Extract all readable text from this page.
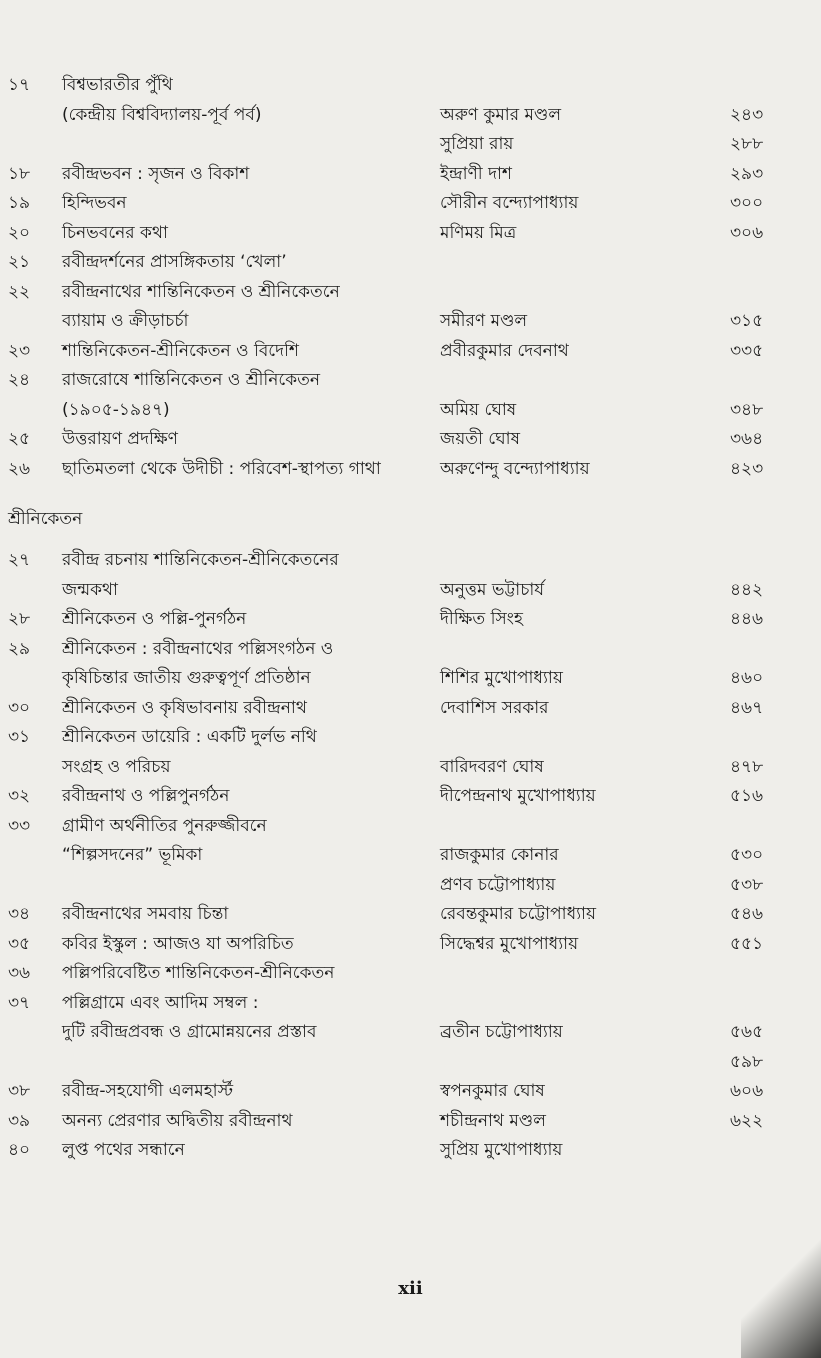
১৭	বিশ্বভারতীর পুঁথি
(কেন্দ্রীয় বিশ্ববিদ্যালয়-পূর্ব পর্ব)	অরুণ কুমার মণ্ডল	২৪৩
সুপ্রিয়া রায়	২৮৮
১৮	রবীন্দ্রভবন : সৃজন ও বিকাশ	ইন্দ্রাণী দাশ	২৯৩
১৯	হিন্দিভবন	সৌরীন বন্দ্যোপাধ্যায়	৩০০
২০	চিনভবনের কথা	মণিময় মিত্র	৩০৬
২১	রবীন্দ্রদর্শনের প্রাসঙ্গিকতায় ‘খেলা’
২২	রবীন্দ্রনাথের শান্তিনিকেতন ও শ্রীনিকেতনে
ব্যায়াম ও ক্রীড়াচর্চা	সমীরণ মণ্ডল	৩১৫
২৩	শান্তিনিকেতন-শ্রীনিকেতন ও বিদেশি	প্রবীরকুমার দেবনাথ	৩৩৫
২৪	রাজরোষে শান্তিনিকেতন ও শ্রীনিকেতন
(১৯০৫-১৯৪৭)	অমিয় ঘোষ	৩৪৮
২৫	উত্তরায়ণ প্রদক্ষিণ	জয়তী ঘোষ	৩৬৪
২৬	ছাতিমতলা থেকে উদীচী : পরিবেশ-স্থাপত্য গাথা	অরুণেন্দু বন্দ্যোপাধ্যায়	৪২৩
শ্রীনিকেতন
২৭	রবীন্দ্র রচনায় শান্তিনিকেতন-শ্রীনিকেতনের
জন্মকথা	অনুত্তম ভট্টাচার্য	৪৪২
২৮	শ্রীনিকেতন ও পল্লি-পুনর্গঠন	দীক্ষিত সিংহ	৪৪৬
২৯	শ্রীনিকেতন : রবীন্দ্রনাথের পল্লিসংগঠন ও
কৃষিচিন্তার জাতীয় গুরুত্বপূর্ণ প্রতিষ্ঠান	শিশির মুখোপাধ্যায়	৪৬০
৩০	শ্রীনিকেতন ও কৃষিভাবনায় রবীন্দ্রনাথ	দেবাশিস সরকার	৪৬৭
৩১	শ্রীনিকেতন ডায়েরি : একটি দুর্লভ নথি
সংগ্রহ ও পরিচয়	বারিদবরণ ঘোষ	৪৭৮
৩২	রবীন্দ্রনাথ ও পল্লিপুনর্গঠন	দীপেন্দ্রনাথ মুখোপাধ্যায়	৫১৬
৩৩	গ্রামীণ অর্থনীতির পুনরুজ্জীবনে
“শিল্পসদনের” ভূমিকা	রাজকুমার কোনার	৫৩০
প্রণব চট্টোপাধ্যায়	৫৩৮
৩৪	রবীন্দ্রনাথের সমবায় চিন্তা	রেবন্তকুমার চট্টোপাধ্যায়	৫৪৬
৩৫	কবির ইস্কুল : আজও যা অপরিচিত	সিদ্ধেশ্বর মুখোপাধ্যায়	৫৫১
৩৬	পল্লিপরিবেষ্টিত শান্তিনিকেতন-শ্রীনিকেতন
৩৭	পল্লিগ্রামে এবং আদিম সম্বল :
দুটি রবীন্দ্রপ্রবন্ধ ও গ্রামোন্নয়নের প্রস্তাব	ব্রতীন চট্টোপাধ্যায়	৫৬৫
৫৯৮
৩৮	রবীন্দ্র-সহযোগী এলমহার্স্ট	স্বপনকুমার ঘোষ	৬০৬
৩৯	অনন্য প্রেরণার অদ্বিতীয় রবীন্দ্রনাথ	শচীন্দ্রনাথ মণ্ডল	৬২২
৪০	লুপ্ত পথের সন্ধানে	সুপ্রিয় মুখোপাধ্যায়
xii
